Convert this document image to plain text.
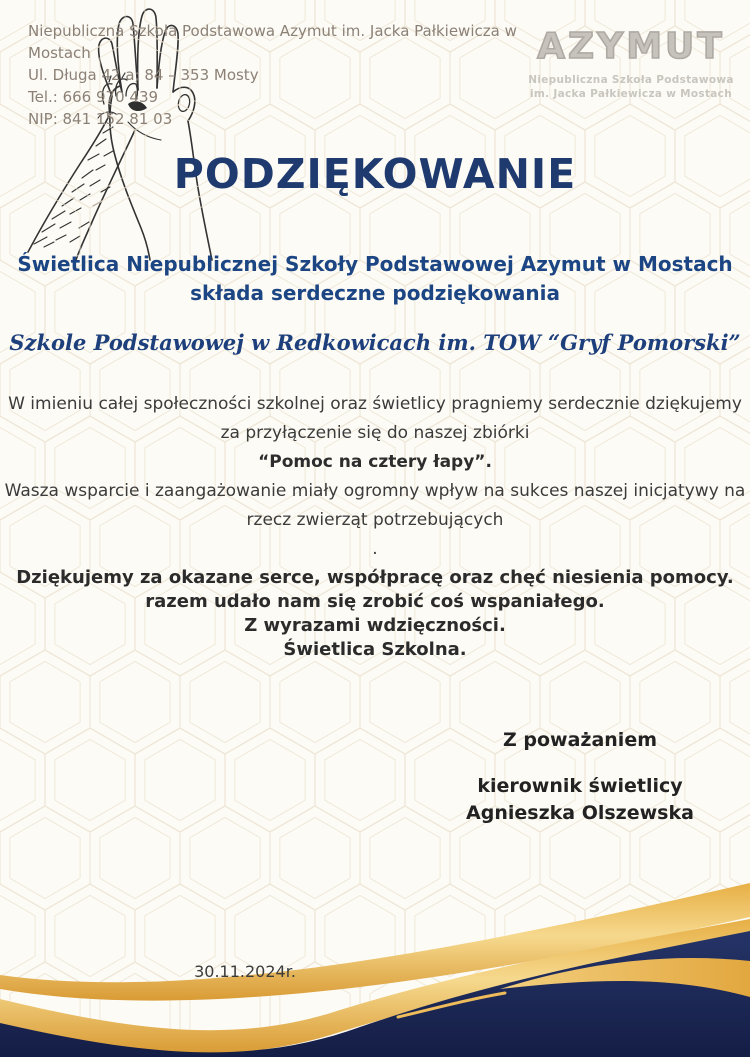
Niepubliczna Szkoła Podstawowa Azymut im. Jacka Pałkiewicza w Mostach
Ul. Długa 42 a; 84 – 353 Mosty
Tel.: 666 970 439
NIP: 841 152 81 03
AZYMUT
Niepubliczna Szkoła Podstawowa
im. Jacka Pałkiewicza w Mostach
PODZIĘKOWANIE
Świetlica Niepublicznej Szkoły Podstawowej Azymut w Mostach
składa serdeczne podziękowania
Szkole Podstawowej w Redkowicach im. TOW “Gryf Pomorski”
W imieniu całej społeczności szkolnej oraz świetlicy pragniemy serdecznie dziękujemy
za przyłączenie się do naszej zbiórki
“Pomoc na cztery łapy”.
Wasza wsparcie i zaangażowanie miały ogromny wpływ na sukces naszej inicjatywy na
rzecz zwierząt potrzebujących
.
Dziękujemy za okazane serce, współpracę oraz chęć niesienia pomocy.
razem udało nam się zrobić coś wspaniałego.
Z wyrazami wdzięczności.
Świetlica Szkolna.
Z poważaniem
kierownik świetlicy
Agnieszka Olszewska
30.11.2024r.
